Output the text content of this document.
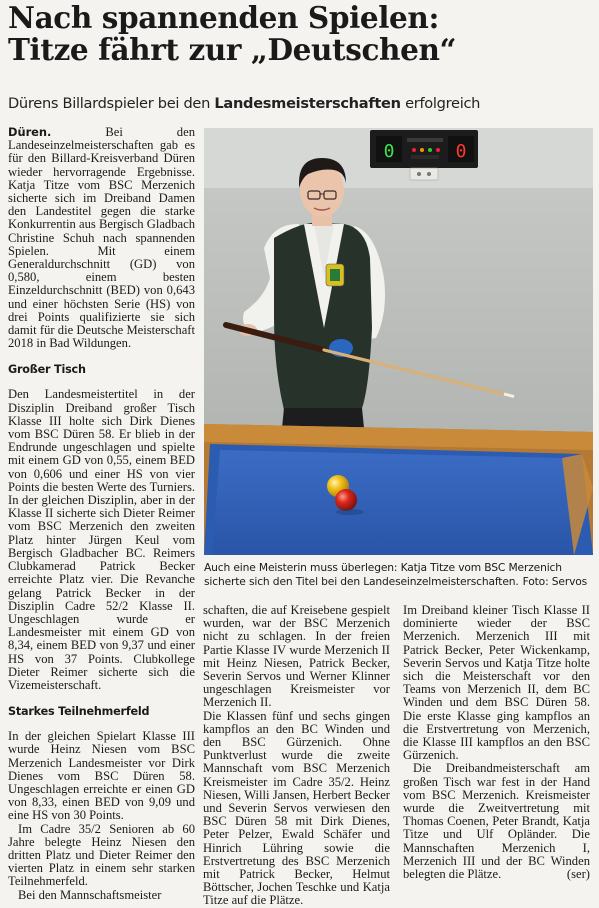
Nach spannenden Spielen:
Titze fährt zur „Deutschen“
Dürens Billardspieler bei den Landesmeisterschaften erfolgreich

Düren. Bei den Landeseinzelmeisterschaften gab es für den Billard-Kreisverband Düren wieder hervorragende Ergebnisse. Katja Titze vom BSC Merzenich sicherte sich im Dreiband Damen den Landestitel gegen die starke Konkurrentin aus Bergisch Gladbach Christine Schuh nach spannenden Spielen. Mit einem Generaldurchschnitt (GD) von 0,580, einem besten Einzeldurchschnitt (BED) von 0,643 und einer höchsten Serie (HS) von drei Points qualifizierte sie sich damit für die Deutsche Meisterschaft 2018 in Bad Wildungen.

Großer Tisch

Den Landesmeistertitel in der Disziplin Dreiband großer Tisch Klasse III holte sich Dirk Dienes vom BSC Düren 58. Er blieb in der Endrunde ungeschlagen und spielte mit einem GD von 0,55, einem BED von 0,606 und einer HS von vier Points die besten Werte des Turniers. In der gleichen Disziplin, aber in der Klasse II sicherte sich Dieter Reimer vom BSC Merzenich den zweiten Platz hinter Jürgen Keul vom Bergisch Gladbacher BC. Reimers Clubkamerad Patrick Becker erreichte Platz vier. Die Revanche gelang Patrick Becker in der Disziplin Cadre 52/2 Klasse II. Ungeschlagen wurde er Landesmeister mit einem GD von 8,34, einem BED von 9,37 und einer HS von 37 Points. Clubkollege Dieter Reimer sicherte sich die Vizemeisterschaft.

Starkes Teilnehmerfeld

In der gleichen Spielart Klasse III wurde Heinz Niesen vom BSC Merzenich Landesmeister vor Dirk Dienes vom BSC Düren 58. Ungeschlagen erreichte er einen GD von 8,33, einen BED von 9,09 und eine HS von 30 Points.

Im Cadre 35/2 Senioren ab 60 Jahre belegte Heinz Niesen den dritten Platz und Dieter Reimer den vierten Platz in einem sehr starken Teilnehmerfeld.

Bei den Mannschaftsmeister

0	0
Auch eine Meisterin muss überlegen: Katja Titze vom BSC Merzenich sicherte sich den Titel bei den Landeseinzelmeisterschaften. Foto: Servos

schaften, die auf Kreisebene gespielt wurden, war der BSC Merzenich nicht zu schlagen. In der freien Partie Klasse IV wurde Merzenich II mit Heinz Niesen, Patrick Becker, Severin Servos und Werner Klinner ungeschlagen Kreismeister vor Merzenich II.

Die Klassen fünf und sechs gingen kampflos an den BC Winden und den BSC Gürzenich. Ohne Punktverlust wurde die zweite Mannschaft vom BSC Merzenich Kreismeister im Cadre 35/2. Heinz Niesen, Willi Jansen, Herbert Becker und Severin Servos verwiesen den BSC Düren 58 mit Dirk Dienes, Peter Pelzer, Ewald Schäfer und Hinrich Lühring sowie die Erstvertretung des BSC Merzenich mit Patrick Becker, Helmut Böttscher, Jochen Teschke und Katja Titze auf die Plätze.

Im Dreiband kleiner Tisch Klasse II dominierte wieder der BSC Merzenich. Merzenich III mit Patrick Becker, Peter Wickenkamp, Severin Servos und Katja Titze holte sich die Meisterschaft vor den Teams von Merzenich II, dem BC Winden und dem BSC Düren 58. Die erste Klasse ging kampflos an die Erstvertretung von Merzenich, die Klasse III kampflos an den BSC Gürzenich.

Die Dreibandmeisterschaft am großen Tisch war fest in der Hand vom BSC Merzenich. Kreismeister wurde die Zweitvertretung mit Thomas Coenen, Peter Brandt, Katja Titze und Ulf Opländer. Die Mannschaften Merzenich I, Merzenich III und der BC Winden belegten die Plätze.	(ser)
